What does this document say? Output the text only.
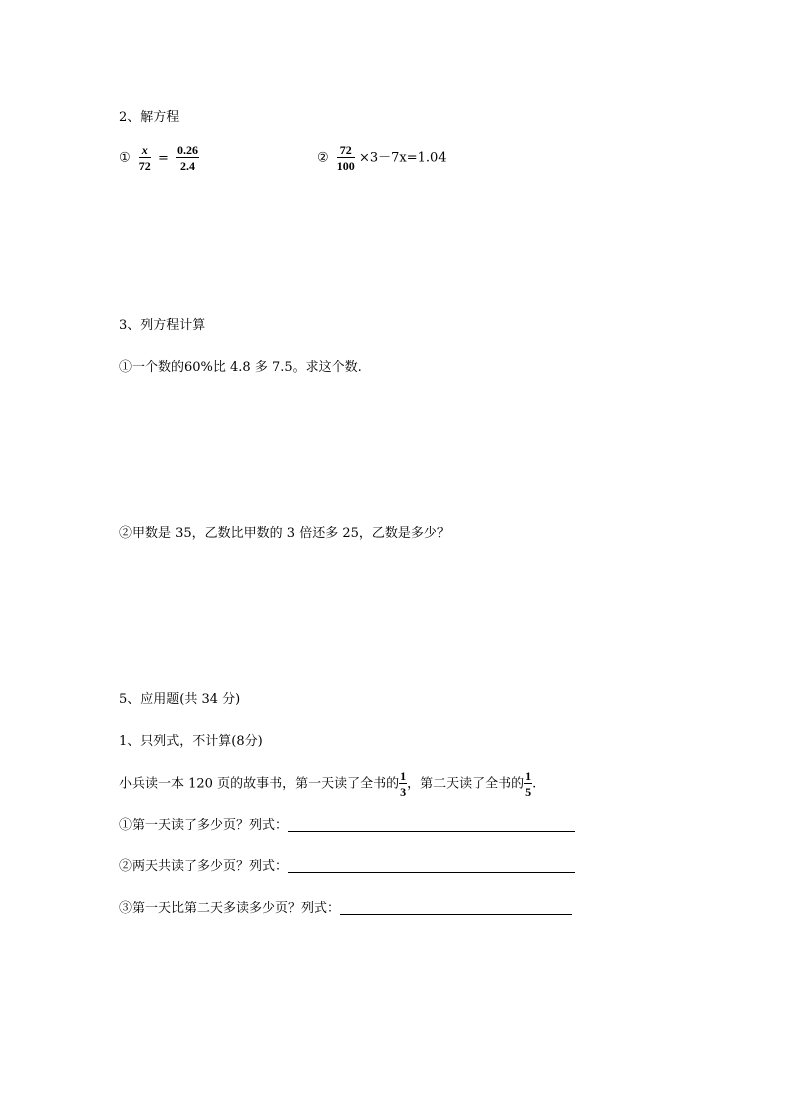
2、解方程
① $\frac{x}{72} = \frac{0.26}{2.4}$	② $\frac{72}{100} \times 3-7x=1.04$
3、列方程计算
①一个数的60%比 4.8 多 7.5。求这个数.
②甲数是 35，乙数比甲数的 3 倍还多 25，乙数是多少？
5、应用题(共 34 分)
1、只列式，不计算(8分)
小兵读一本 120 页的故事书，第一天读了全书的 $\frac{1}{3}$ ，第二天读了全书的 $\frac{1}{5}$ .
①第一天读了多少页？列式：
②两天共读了多少页？列式：
③第一天比第二天多读多少页？列式：
